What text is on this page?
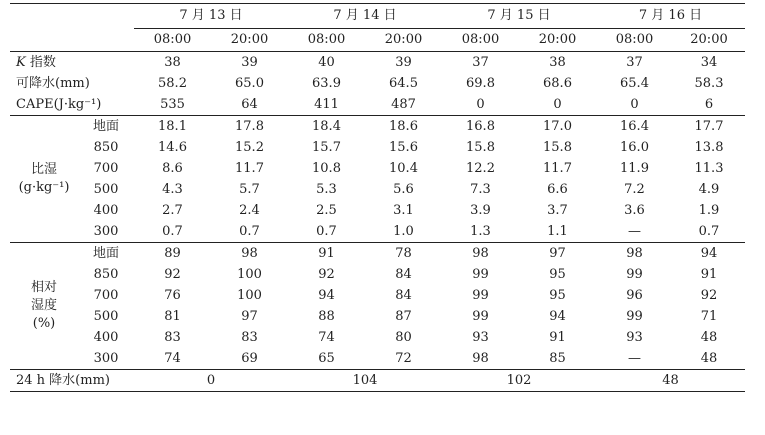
		7 月 13 日		7 月 14 日		7 月 15 日		7 月 16 日	
		08:00	20:00	08:00	20:00	08:00	20:00	08:00	20:00
K 指数		38	39	40	39	37	38	37	34
可降水(mm)		58.2	65.0	63.9	64.5	69.8	68.6	65.4	58.3
CAPE(J·kg⁻¹)		535	64	411	487	0	0	0	6

比湿
(g·kg⁻¹)	地面	18.1	17.8	18.4	18.6	16.8	17.0	16.4	17.7
	850	14.6	15.2	15.7	15.6	15.8	15.8	16.0	13.8
	700	8.6	11.7	10.8	10.4	12.2	11.7	11.9	11.3
	500	4.3	5.7	5.3	5.6	7.3	6.6	7.2	4.9
	400	2.7	2.4	2.5	3.1	3.9	3.7	3.6	1.9
	300	0.7	0.7	0.7	1.0	1.3	1.1	—	0.7

相对
湿度
(%)	地面	89	98	91	78	98	97	98	94
	850	92	100	92	84	99	95	99	91
	700	76	100	94	84	99	95	96	92
	500	81	97	88	87	99	94	99	71
	400	83	83	74	80	93	91	93	48
	300	74	69	65	72	98	85	—	48
24 h 降水(mm)		0		104		102		48	
